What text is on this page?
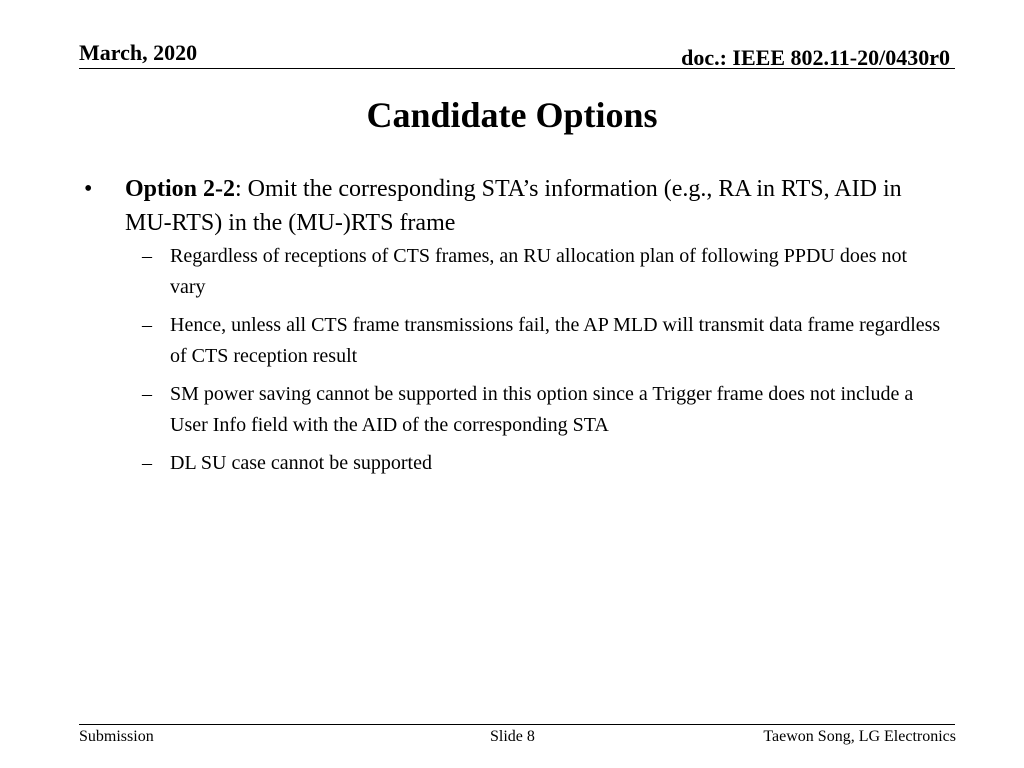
March, 2020	doc.: IEEE 802.11-20/0430r0
Candidate Options
•	Option 2-2: Omit the corresponding STA’s information (e.g., RA in RTS, AID in MU-RTS) in the (MU-)RTS frame
– Regardless of receptions of CTS frames, an RU allocation plan of following PPDU does not vary
– Hence, unless all CTS frame transmissions fail, the AP MLD will transmit data frame regardless of CTS reception result
– SM power saving cannot be supported in this option since a Trigger frame does not include a User Info field with the AID of the corresponding STA
– DL SU case cannot be supported
Submission	Slide 8	Taewon Song, LG Electronics
